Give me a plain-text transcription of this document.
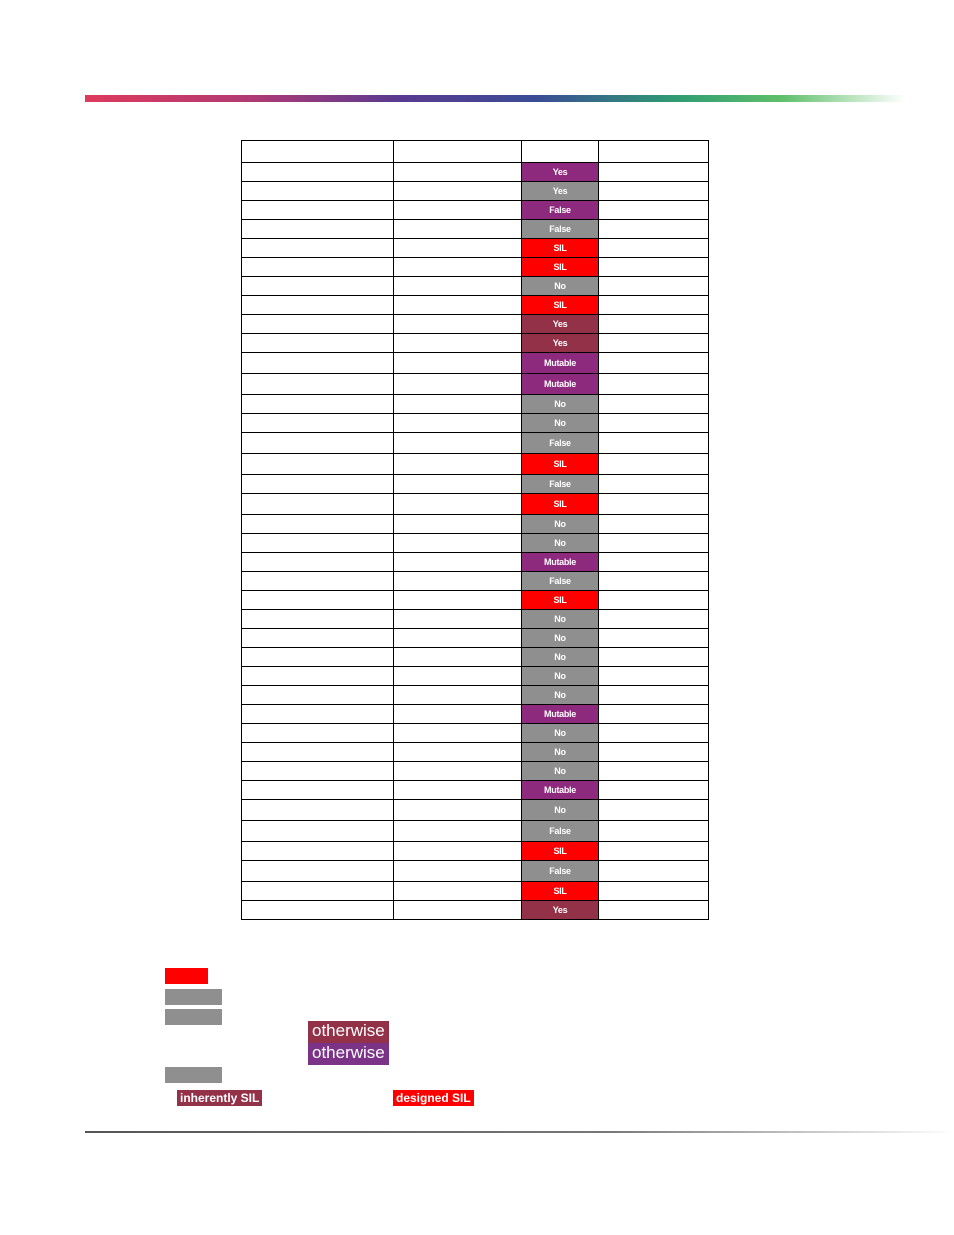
		Yes	
		Yes	
		False	
		False	
		SIL	
		SIL	
		No	
		SIL	
		Yes	
		Yes	
		Mutable	
		Mutable	
		No	
		No	
		False	
		SIL	
		False	
		SIL	
		No	
		No	
		Mutable	
		False	
		SIL	
		No	
		No	
		No	
		No	
		No	
		Mutable	
		No	
		No	
		No	
		Mutable	
		No	
		False	
		SIL	
		False	
		SIL	
		Yes	
otherwise
otherwise
inherently SIL	designed SIL
